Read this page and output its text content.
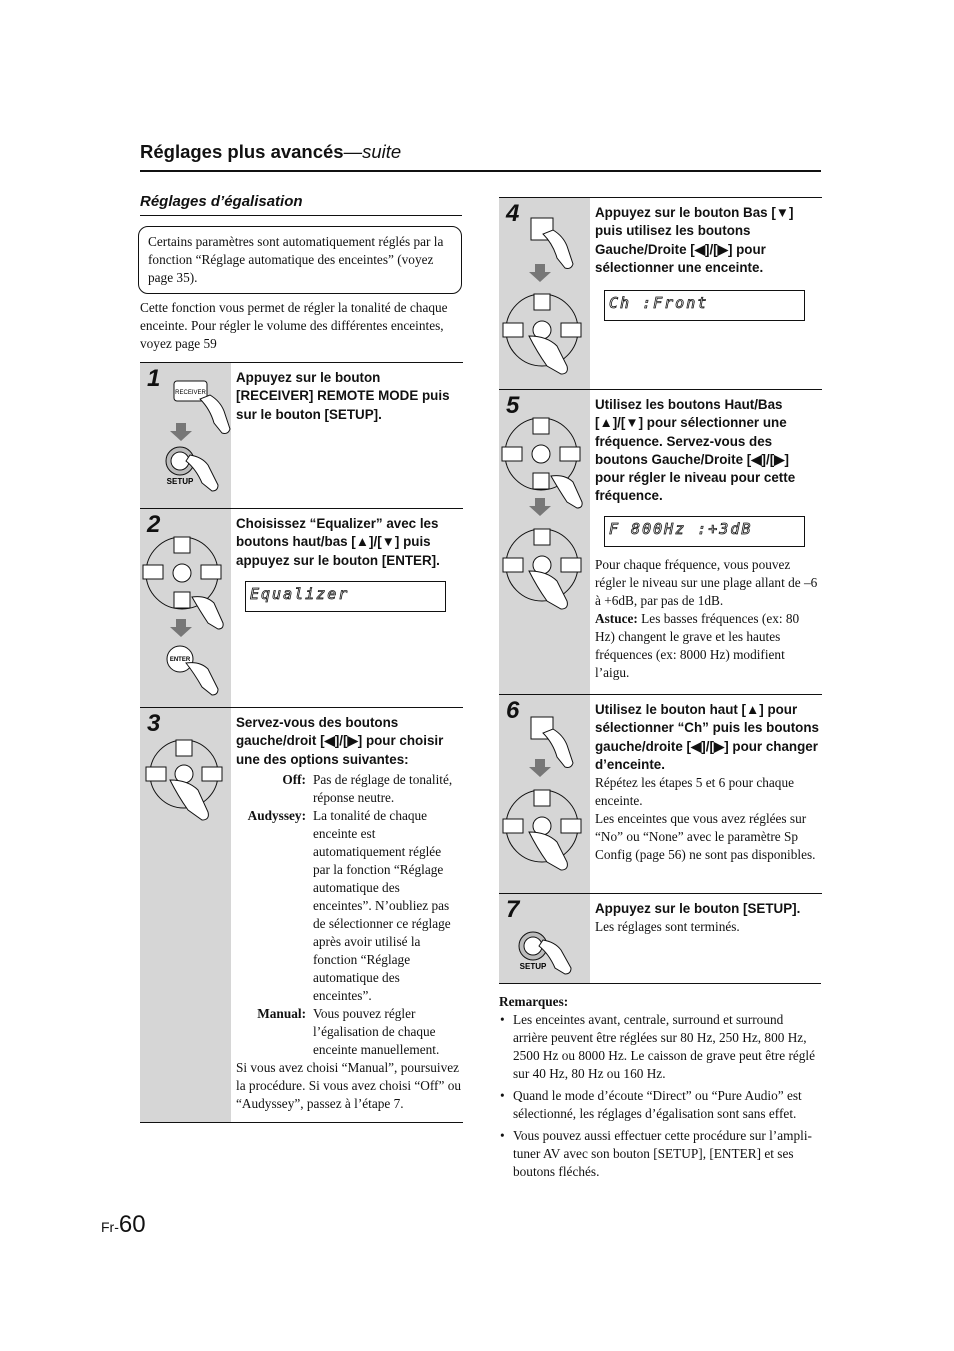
Réglages plus avancés—suite
Réglages d’égalisation
Certains paramètres sont automatiquement réglés par la fonction “Réglage automatique des enceintes” (voyez page 35).
Cette fonction vous permet de régler la tonalité de chaque enceinte. Pour régler le volume des différentes enceintes, voyez page 59
1
RECEIVER
SETUP
Appuyez sur le bouton [RECEIVER] REMOTE MODE puis sur le bouton [SETUP].
2
ENTER
Choisissez “Equalizer” avec les boutons haut/bas [▲]/[▼] puis appuyez sur le bouton [ENTER].
Equalizer
3	Servez-vous des boutons gauche/droit [◀]/[▶] pour choisir une des options suivantes:
Off: Pas de réglage de tonalité, réponse neutre.
Audyssey: La tonalité de chaque enceinte est automatiquement réglée par la fonction “Réglage automatique des enceintes”. N’oubliez pas de sélectionner ce réglage après avoir utilisé la fonction “Réglage automatique des enceintes”.
Manual: Vous pouvez régler l’égalisation de chaque enceinte manuellement.
Si vous avez choisi “Manual”, poursuivez la procédure. Si vous avez choisi “Off” ou “Audyssey”, passez à l’étape 7.
4	Appuyez sur le bouton Bas [▼] puis utilisez les boutons Gauche/Droite [◀]/[▶] pour sélectionner une enceinte.
Ch :Front
5	Utilisez les boutons Haut/Bas [▲]/[▼] pour sélectionner une fréquence. Servez-vous des boutons Gauche/Droite [◀]/[▶] pour régler le niveau pour cette fréquence.
Pour chaque fréquence, vous pouvez régler le niveau sur une plage allant de –6 à +6dB, par pas de 1dB.
Astuce: Les basses fréquences (ex: 80 Hz) changent le grave et les hautes fréquences (ex: 8000 Hz) modifient l’aigu.
F 800Hz :+3dB
6	Utilisez le bouton haut [▲] pour sélectionner “Ch” puis les boutons gauche/droite [◀]/[▶] pour changer d’enceinte.
Répétez les étapes 5 et 6 pour chaque enceinte.
Les enceintes que vous avez réglées sur “No” ou “None” avec le paramètre Sp Config (page 56) ne sont pas disponibles.
7
SETUP
Appuyez sur le bouton [SETUP].
Les réglages sont terminés.
Remarques:
• Les enceintes avant, centrale, surround et surround arrière peuvent être réglées sur 80 Hz, 250 Hz, 800 Hz, 2500 Hz ou 8000 Hz. Le caisson de grave peut être réglé sur 40 Hz, 80 Hz ou 160 Hz.
• Quand le mode d’écoute “Direct” ou “Pure Audio” est sélectionné, les réglages d’égalisation sont sans effet.
• Vous pouvez aussi effectuer cette procédure sur l’ampli-tuner AV avec son bouton [SETUP], [ENTER] et ses boutons fléchés.
Fr-60
